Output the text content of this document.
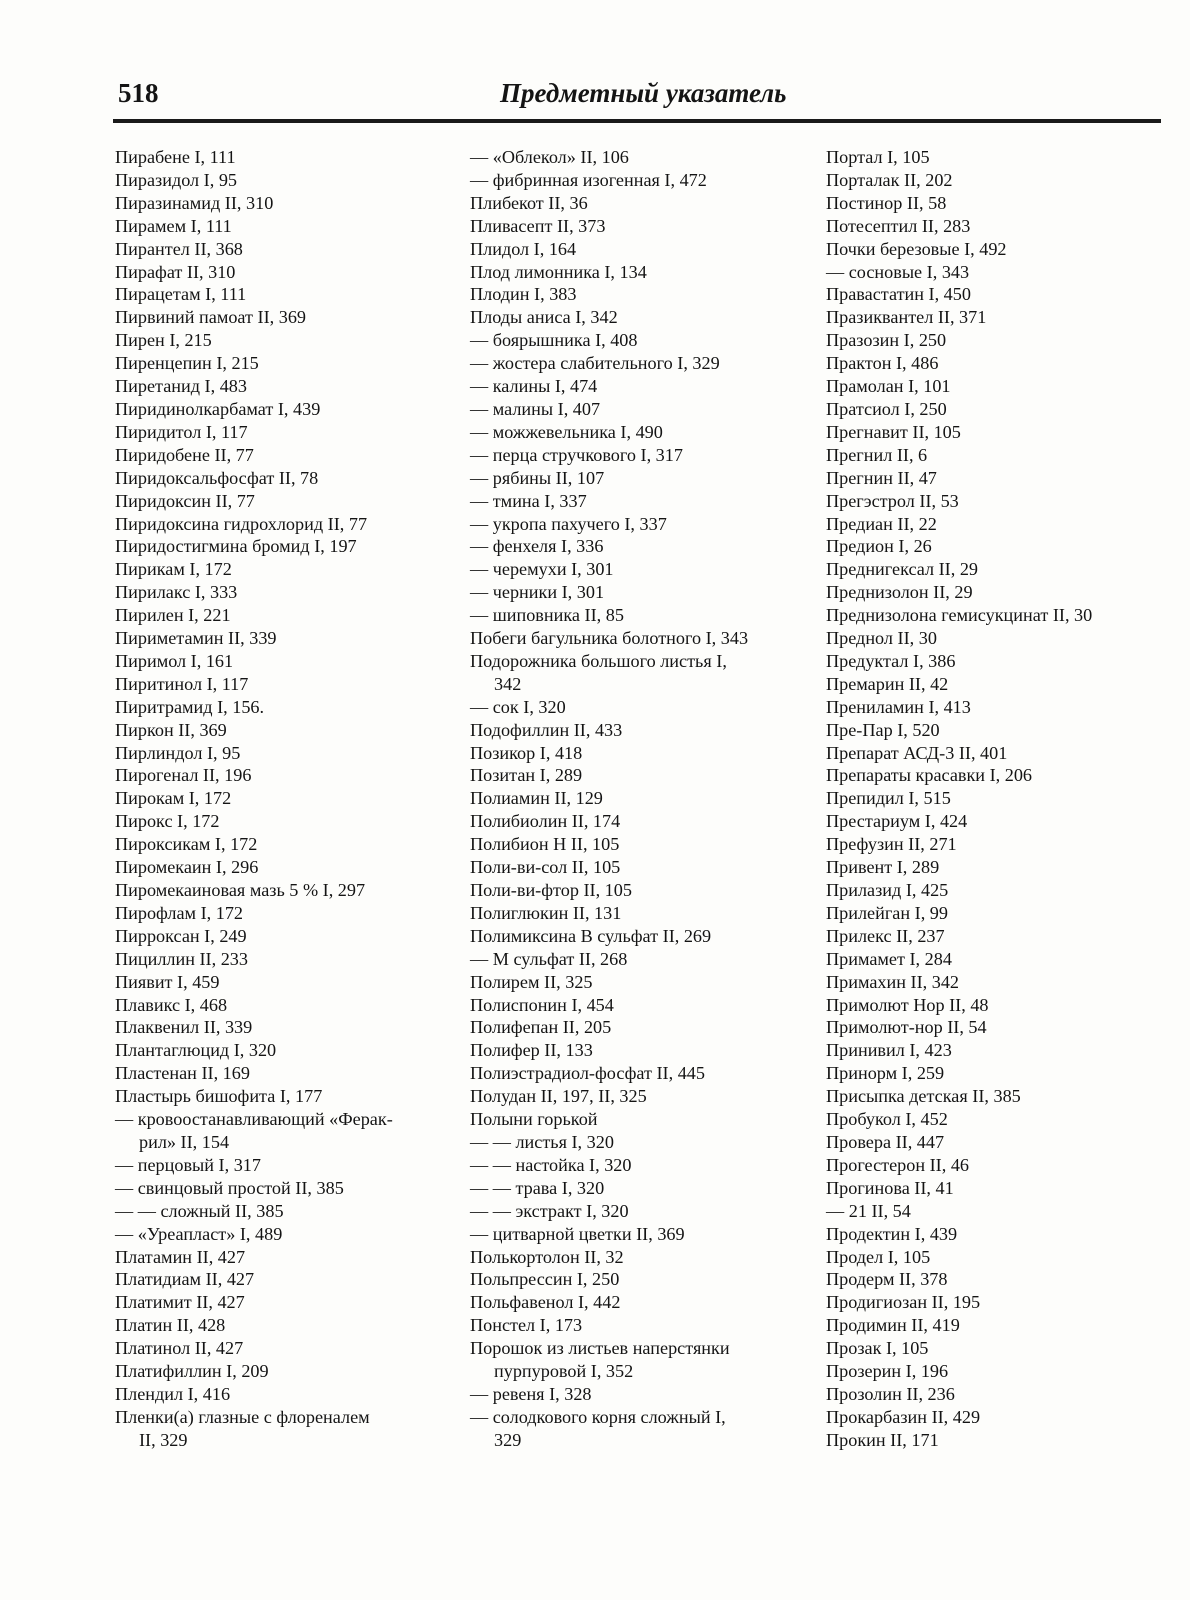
518	Предметный указатель
Пирабене I, 111
Пиразидол I, 95
Пиразинамид II, 310
Пирамем I, 111
Пирантел II, 368
Пирафат II, 310
Пирацетам I, 111
Пирвиний памоат II, 369
Пирен I, 215
Пиренцепин I, 215
Пиретанид I, 483
Пиридинолкарбамат I, 439
Пиридитол I, 117
Пиридобене II, 77
Пиридоксальфосфат II, 78
Пиридоксин II, 77
Пиридоксина гидрохлорид II, 77
Пиридостигмина бромид I, 197
Пирикам I, 172
Пирилакс I, 333
Пирилен I, 221
Пириметамин II, 339
Пиримол I, 161
Пиритинол I, 117
Пиритрамид I, 156.
Пиркон II, 369
Пирлиндол I, 95
Пирогенал II, 196
Пирокам I, 172
Пирокс I, 172
Пироксикам I, 172
Пиромекаин I, 296
Пиромекаиновая мазь 5 % I, 297
Пирофлам I, 172
Пирроксан I, 249
Пициллин II, 233
Пиявит I, 459
Плавикс I, 468
Плаквенил II, 339
Плантаглюцид I, 320
Пластенан II, 169
Пластырь бишофита I, 177
— кровоостанавливающий «Ферак-
рил» II, 154
— перцовый I, 317
— свинцовый простой II, 385
— — сложный II, 385
— «Уреапласт» I, 489
Платамин II, 427
Платидиам II, 427
Платимит II, 427
Платин II, 428
Платинол II, 427
Платифиллин I, 209
Плендил I, 416
Пленки(а) глазные с флореналем
II, 329
— «Облекол» II, 106
— фибринная изогенная I, 472
Плибекот II, 36
Пливасепт II, 373
Плидол I, 164
Плод лимонника I, 134
Плодин I, 383
Плоды аниса I, 342
— боярышника I, 408
— жостера слабительного I, 329
— калины I, 474
— малины I, 407
— можжевельника I, 490
— перца стручкового I, 317
— рябины II, 107
— тмина I, 337
— укропа пахучего I, 337
— фенхеля I, 336
— черемухи I, 301
— черники I, 301
— шиповника II, 85
Побеги багульника болотного I, 343
Подорожника большого листья I,
342
— сок I, 320
Подофиллин II, 433
Позикор I, 418
Позитан I, 289
Полиамин II, 129
Полибиолин II, 174
Полибион Н II, 105
Поли-ви-сол II, 105
Поли-ви-фтор II, 105
Полиглюкин II, 131
Полимиксина В сульфат II, 269
— М сульфат II, 268
Полирем II, 325
Полиспонин I, 454
Полифепан II, 205
Полифер II, 133
Полиэстрадиол-фосфат II, 445
Полудан II, 197, II, 325
Полыни горькой
— — листья I, 320
— — настойка I, 320
— — трава I, 320
— — экстракт I, 320
— цитварной цветки II, 369
Полькортолон II, 32
Польпрессин I, 250
Польфавенол I, 442
Понстел I, 173
Порошок из листьев наперстянки
пурпуровой I, 352
— ревеня I, 328
— солодкового корня сложный I,
329
Портал I, 105
Порталак II, 202
Постинор II, 58
Потесептил II, 283
Почки березовые I, 492
— сосновые I, 343
Правастатин I, 450
Празиквантел II, 371
Празозин I, 250
Практон I, 486
Прамолан I, 101
Пратсиол I, 250
Прегнавит II, 105
Прегнил II, 6
Прегнин II, 47
Прегэстрол II, 53
Предиан II, 22
Предион I, 26
Преднигексал II, 29
Преднизолон II, 29
Преднизолона гемисукцинат II, 30
Преднол II, 30
Предуктал I, 386
Премарин II, 42
Прениламин I, 413
Пре-Пар I, 520
Препарат АСД-3 II, 401
Препараты красавки I, 206
Препидил I, 515
Престариум I, 424
Префузин II, 271
Привент I, 289
Прилазид I, 425
Прилейган I, 99
Прилекс II, 237
Примамет I, 284
Примахин II, 342
Примолют Нор II, 48
Примолют-нор II, 54
Принивил I, 423
Принорм I, 259
Присыпка детская II, 385
Пробукол I, 452
Провера II, 447
Прогестерон II, 46
Прогинова II, 41
— 21 II, 54
Продектин I, 439
Продел I, 105
Продерм II, 378
Продигиозан II, 195
Продимин II, 419
Прозак I, 105
Прозерин I, 196
Прозолин II, 236
Прокарбазин II, 429
Прокин II, 171
